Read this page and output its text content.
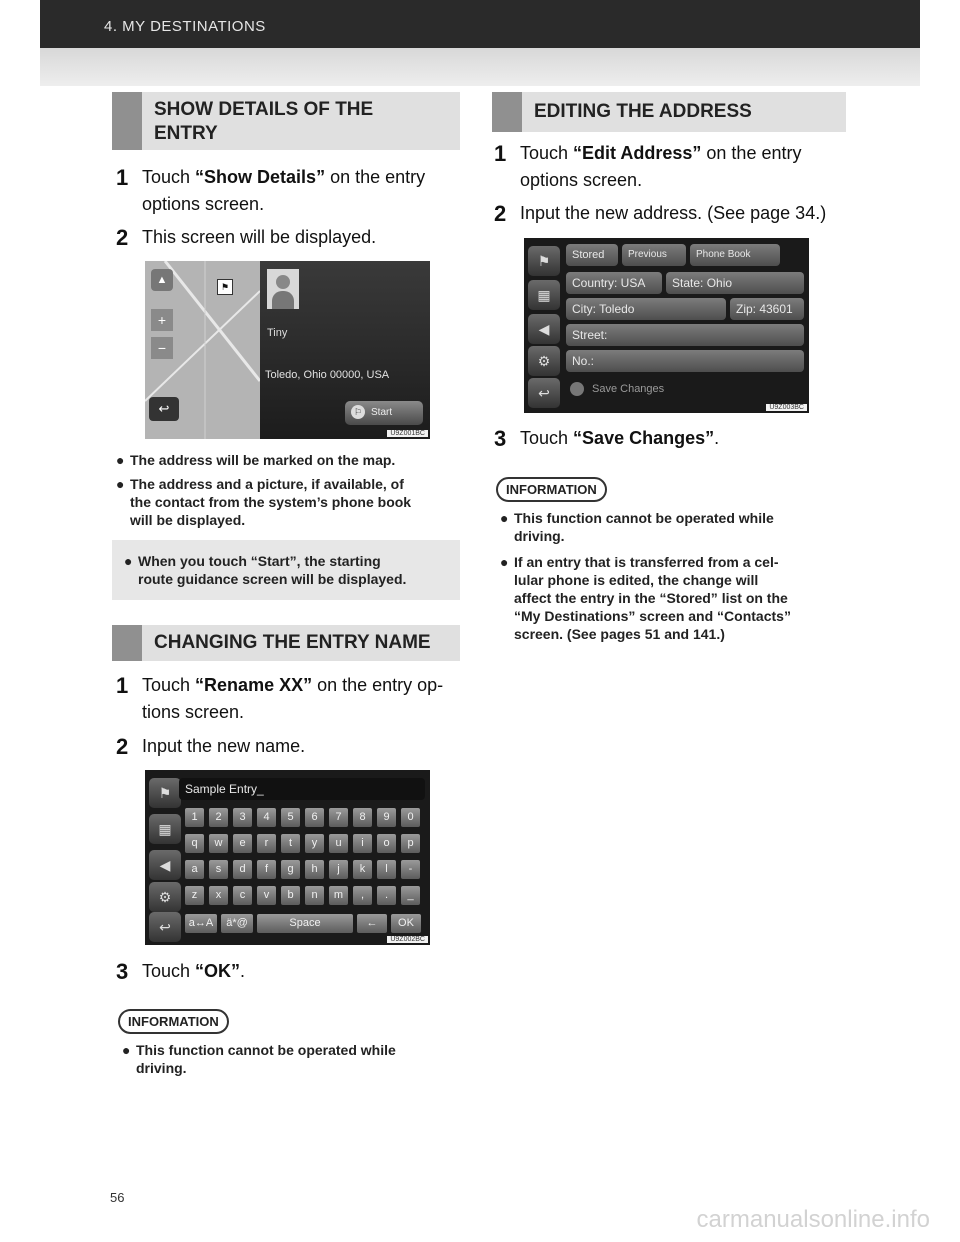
4. MY DESTINATIONS
SHOW DETAILS OF THE
ENTRY
1 Touch “Show Details” on the entry
options screen.
2 This screen will be displayed.
▲
+
−
⚑
↩
Tiny
Toledo, Ohio 00000, USA
⚐ Start
U9Z001BC
● The address will be marked on the map.
● The address and a picture, if available, of
the contact from the system’s phone book
will be displayed.
● When you touch “Start”, the starting
route guidance screen will be displayed.
CHANGING THE ENTRY NAME
1 Touch “Rename XX” on the entry op-
tions screen.
2 Input the new name.
⚑
▦
◀
⚙
↩
Sample Entry_
1	2	3	4	5	6	7	8	9	0
q	w	e	r	t	y	u	i	o	p
a	s	d	f	g	h	j	k	l	-
z	x	c	v	b	n	m	,	.	_
a↔A	ä*@	Space	←	OK
U9Z002BC
3 Touch “OK”.
INFORMATION
● This function cannot be operated while
driving.
EDITING THE ADDRESS
1 Touch “Edit Address” on the entry
options screen.
2 Input the new address. (See page 34.)
⚑
▦
◀
⚙
↩
Stored	Previous	Phone Book
Country: USA	State: Ohio
City: Toledo	Zip: 43601
Street:
No.:
Save Changes
U9Z003BC
3 Touch “Save Changes”.
INFORMATION
● This function cannot be operated while
driving.
● If an entry that is transferred from a cel-
lular phone is edited, the change will
affect the entry in the “Stored” list on the
“My Destinations” screen and “Contacts”
screen. (See pages 51 and 141.)
56
carmanualsonline.info
